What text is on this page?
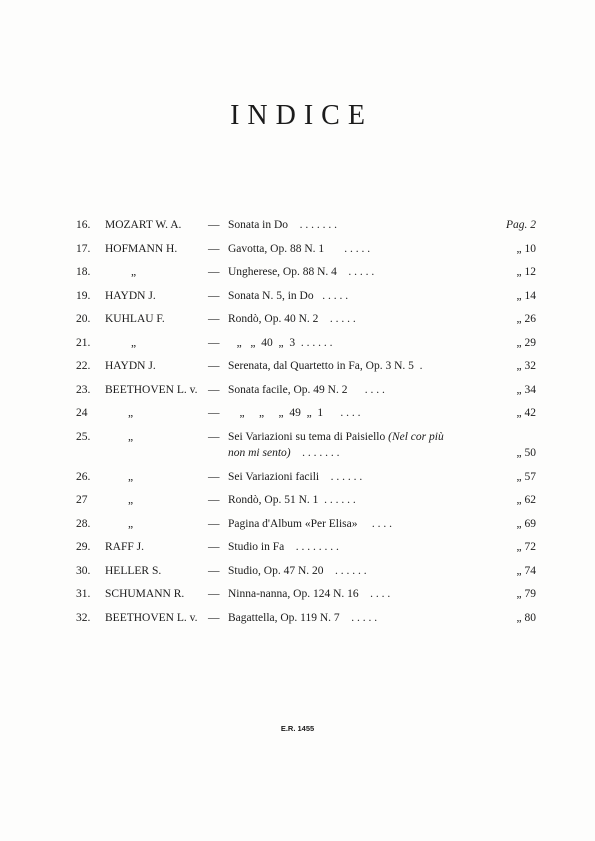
INDICE
16. MOZART W. A. — Sonata in Do . . . . . . .	Pag. 2
17. HOFMANN H.	— Gavotta, Op. 88 N. 1 . . . . .	„ 10
18.	„	— Ungherese, Op. 88 N. 4 . . . . .	„ 12
19. HAYDN J.	— Sonata N. 5, in Do . . . . .	„ 14
20. KUHLAU F.	— Rondò, Op. 40 N. 2 . . . . .	„ 26
21.	„	—	„   „  40  „  3 . . . . . .	„ 29
22. HAYDN J.	— Serenata, dal Quartetto in Fa, Op. 3 N. 5 .	„ 32
23. BEETHOVEN L. v. — Sonata facile, Op. 49 N. 2 . . . .	„ 34
24	„	—	„     „     „  49  „  1 . . . .	„ 42
25.	„	— Sei Variazioni su tema di Paisiello (Nel cor più
non mi sento) . . . . . . .	„ 50
26.	„	— Sei Variazioni facili . . . . . .	„ 57
27	„	— Rondò, Op. 51 N. 1 . . . . . .	„ 62
28.	„	— Pagina d'Album «Per Elisa» . . . .	„ 69
29. RAFF J.	— Studio in Fa . . . . . . . .	„ 72
30. HELLER S.	— Studio, Op. 47 N. 20 . . . . . .	„ 74
31. SCHUMANN R. — Ninna-nanna, Op. 124 N. 16 . . . .	„ 79
32. BEETHOVEN L. v. — Bagattella, Op. 119 N. 7 . . . . .	„ 80
E.R. 1455
